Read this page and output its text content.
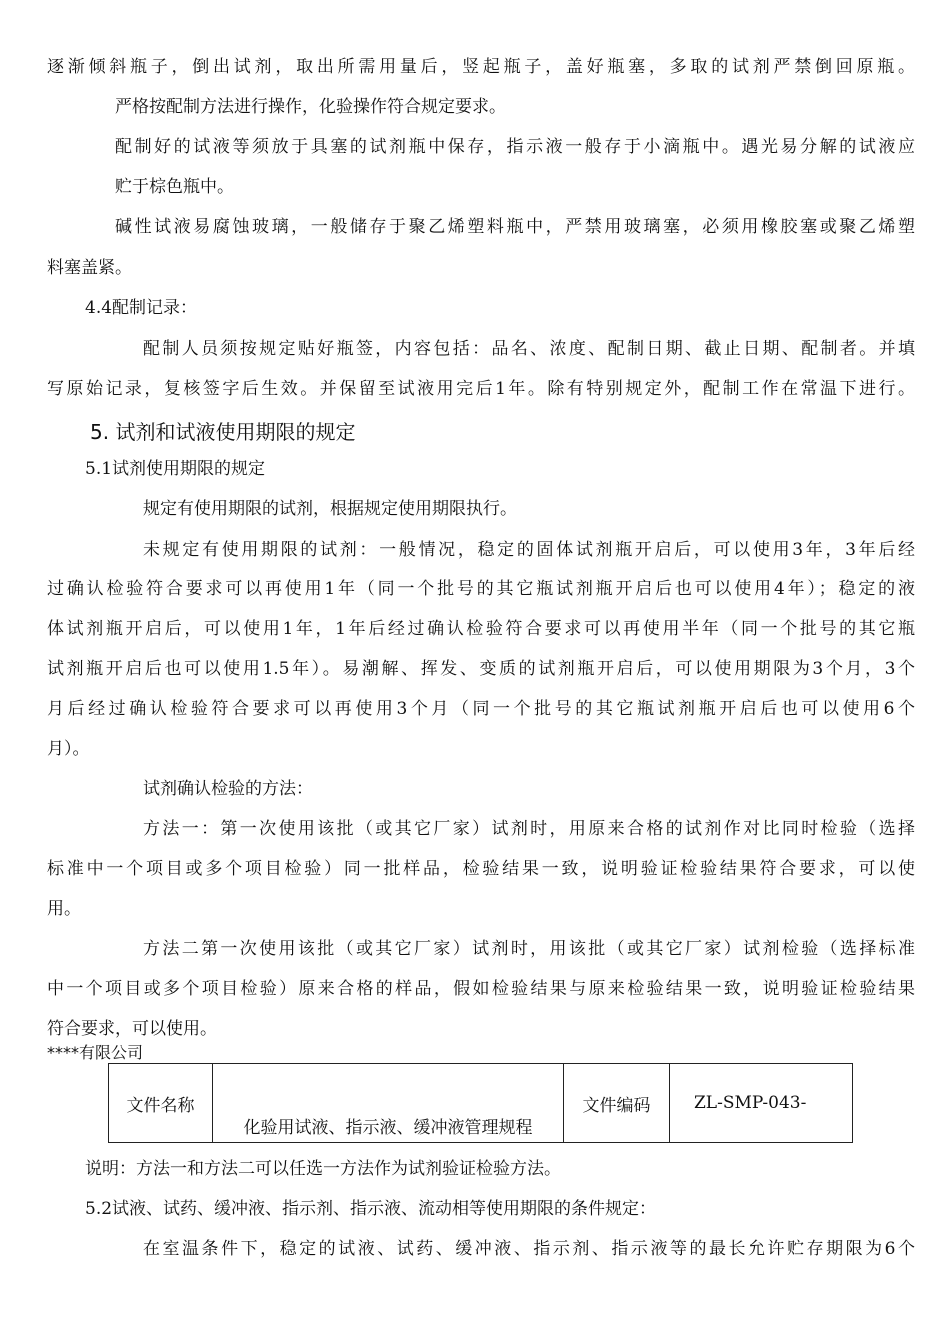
逐渐倾斜瓶子，倒出试剂，取出所需用量后，竖起瓶子，盖好瓶塞，多取的试剂严禁倒回原瓶。
严格按配制方法进行操作，化验操作符合规定要求。
配制好的试液等须放于具塞的试剂瓶中保存，指示液一般存于小滴瓶中。遇光易分解的试液应
贮于棕色瓶中。
碱性试液易腐蚀玻璃，一般储存于聚乙烯塑料瓶中，严禁用玻璃塞，必须用橡胶塞或聚乙烯塑
料塞盖紧。
4.4配制记录：
配制人员须按规定贴好瓶签，内容包括：品名、浓度、配制日期、截止日期、配制者。并填
写原始记录，复核签字后生效。并保留至试液用完后1年。除有特别规定外，配制工作在常温下进行。
5. 试剂和试液使用期限的规定
5.1试剂使用期限的规定
规定有使用期限的试剂，根据规定使用期限执行。
未规定有使用期限的试剂：一般情况，稳定的固体试剂瓶开启后，可以使用3年，3年后经
过确认检验符合要求可以再使用1年（同一个批号的其它瓶试剂瓶开启后也可以使用4年）；稳定的液
体试剂瓶开启后，可以使用1年，1年后经过确认检验符合要求可以再使用半年（同一个批号的其它瓶
试剂瓶开启后也可以使用1.5年）。易潮解、挥发、变质的试剂瓶开启后，可以使用期限为3个月，3个
月后经过确认检验符合要求可以再使用3个月（同一个批号的其它瓶试剂瓶开启后也可以使用6个
月）。
试剂确认检验的方法：
方法一：第一次使用该批（或其它厂家）试剂时，用原来合格的试剂作对比同时检验（选择
标准中一个项目或多个项目检验）同一批样品，检验结果一致，说明验证检验结果符合要求，可以使
用。
方法二第一次使用该批（或其它厂家）试剂时，用该批（或其它厂家）试剂检验（选择标准
中一个项目或多个项目检验）原来合格的样品，假如检验结果与原来检验结果一致，说明验证检验结果
符合要求，可以使用。
****有限公司
文件名称	化验用试液、指示液、缓冲液管理规程	文件编码	ZL-SMP-043-
说明：方法一和方法二可以任选一方法作为试剂验证检验方法。
5.2试液、试药、缓冲液、指示剂、指示液、流动相等使用期限的条件规定：
在室温条件下，稳定的试液、试药、缓冲液、指示剂、指示液等的最长允许贮存期限为6个
